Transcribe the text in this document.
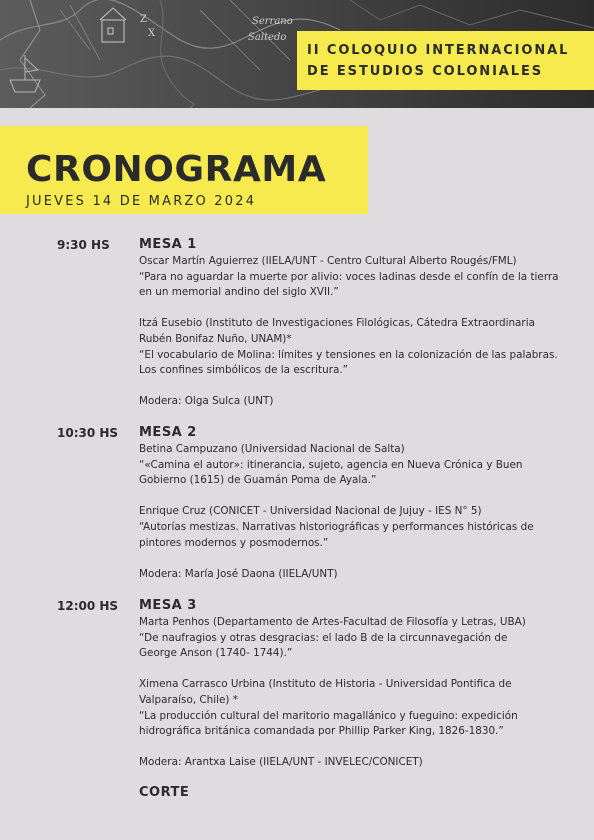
Z
X
Serrano
Saltedo
II COLOQUIO INTERNACIONAL
DE ESTUDIOS COLONIALES
CRONOGRAMA
JUEVES 14 DE MARZO 2024
9:30 HS MESA 1

Oscar Martín Aguierrez (IIELA/UNT - Centro Cultural Alberto Rougés/FML)

“Para no aguardar la muerte por alivio: voces ladinas desde el confín de la tierra

en un memorial andino del siglo XVII.”

Itzá Eusebio (Instituto de Investigaciones Filológicas, Cátedra Extraordinaria

Rubén Bonifaz Nuño, UNAM)*

“El vocabulario de Molina: límites y tensiones en la colonización de las palabras.

Los confines simbólicos de la escritura.”

Modera: Olga Sulca (UNT)

10:30 HS MESA 2

Betina Campuzano (Universidad Nacional de Salta)

“«Camina el autor»: itinerancia, sujeto, agencia en Nueva Crónica y Buen

Gobierno (1615) de Guamán Poma de Ayala.”

Enrique Cruz (CONICET - Universidad Nacional de Jujuy - IES N° 5)

“Autorías mestizas. Narrativas historiográficas y performances históricas de

pintores modernos y posmodernos.”

Modera: María José Daona (IIELA/UNT)

12:00 HS MESA 3

Marta Penhos (Departamento de Artes-Facultad de Filosofía y Letras, UBA)

“De naufragios y otras desgracias: el lado B de la circunnavegación de

George Anson (1740- 1744).”

Ximena Carrasco Urbina (Instituto de Historia - Universidad Pontifica de

Valparaíso, Chile) *

“La producción cultural del maritorio magallánico y fueguino: expedición

hidrográfica británica comandada por Phillip Parker King, 1826-1830.”

Modera: Arantxa Laise (IIELA/UNT - INVELEC/CONICET)

CORTE
